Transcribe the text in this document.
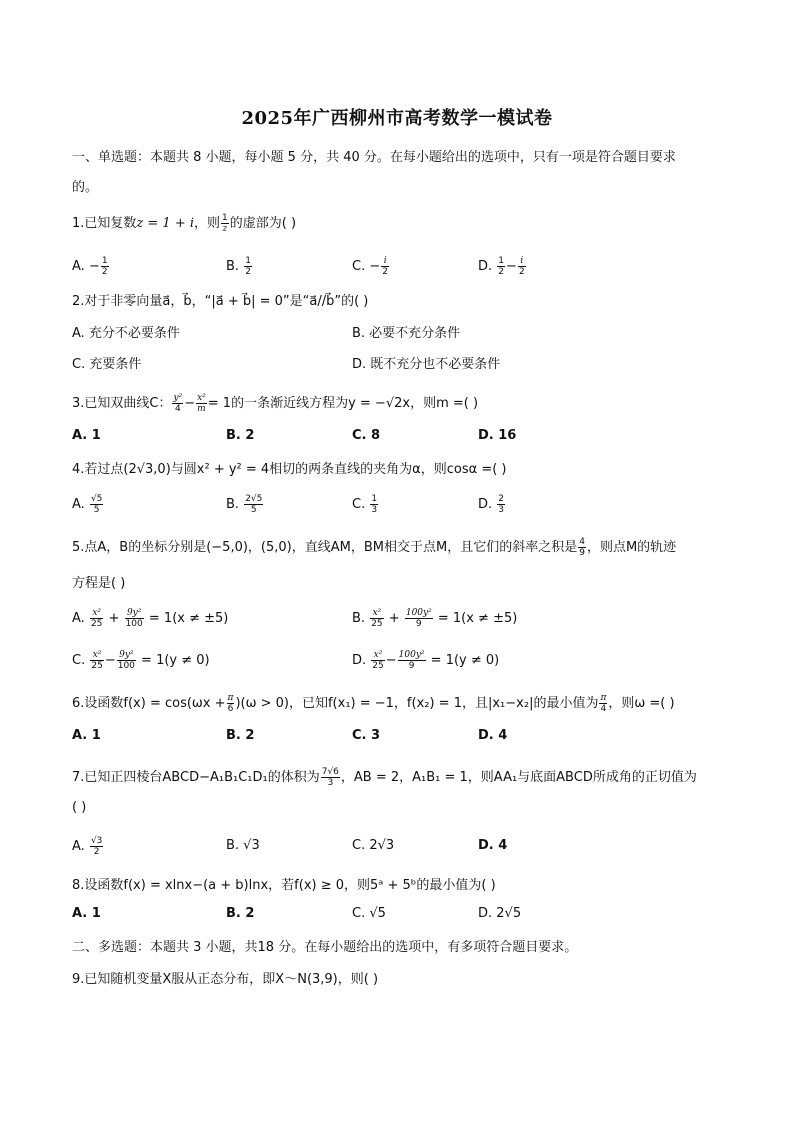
2025年广西柳州市高考数学一模试卷
一、单选题：本题共 8 小题，每小题 5 分，共 40 分。在每小题给出的选项中，只有一项是符合题目要求
的。
1.已知复数z = 1 + i，则 $\frac{1}{z}$ 的虚部为( )
A. − $\frac{1}{2}$	B. $\frac{1}{2}$	C. − $\frac{i}{2}$	D. $\frac{1}{2} - \frac{i}{2}$
2.对于非零向量a⃗，b⃗，“|a⃗ + b⃗| = 0”是“a⃗//b⃗”的( )
A. 充分不必要条件	B. 必要不充分条件
C. 充要条件	D. 既不充分也不必要条件
3.已知双曲线C： $\frac{\text{y²}}{4} - \frac{\text{x²}}{m} = 1$的一条渐近线方程为y = −√2x，则m =( )
A. 1	B. 2	C. 8	D. 16
4.若过点(2√3,0)与圆x² + y² = 4相切的两条直线的夹角为α，则cosα =( )
A. $\frac{√5}{5}$	B. $\frac{2√5}{5}$	C. $\frac{1}{3}$	D. $\frac{2}{3}$
5.点A，B的坐标分别是(−5,0)，(5,0)，直线AM，BM相交于点M，且它们的斜率之积是 $\frac{4}{9}$ ，则点M的轨迹
方程是( )
A. $\frac{\text{x²}}{25} + \frac{\text{9y²}}{100} = 1(x \ne \pm 5)$	B. $\frac{\text{x²}}{25} + \frac{\text{100y²}}{9} = 1(x \ne \pm 5)$
C. $\frac{\text{x²}}{25} - \frac{\text{9y²}}{100} = 1(y \ne 0)$	D. $\frac{\text{x²}}{25} - \frac{\text{100y²}}{9} = 1(y \ne 0)$
6.设函数$f(x) = \cos(\omega x + \frac{\pi}{6} )(\omega > 0)$，已知f(x₁) = −1，f(x₂) = 1，且|x₁−x₂|的最小值为 $\frac{\pi}{4}$ ，则ω =( )
A. 1	B. 2	C. 3	D. 4
7.已知正四棱台ABCD−A₁B₁C₁D₁的体积为 $\frac{7√6}{3}$ ，AB = 2，A₁B₁ = 1，则AA₁与底面ABCD所成角的正切值为
( )
A. $\frac{√3}{2}$	B. √3	C. 2√3	D. 4
8.设函数f(x) = xlnx−(a + b)lnx，若f(x) ≥ 0，则5ᵃ + 5ᵇ的最小值为( )
A. 1	B. 2	C. √5	D. 2√5
二、多选题：本题共 3 小题，共18 分。在每小题给出的选项中，有多项符合题目要求。
9.已知随机变量X服从正态分布，即X～N(3,9)，则( )
